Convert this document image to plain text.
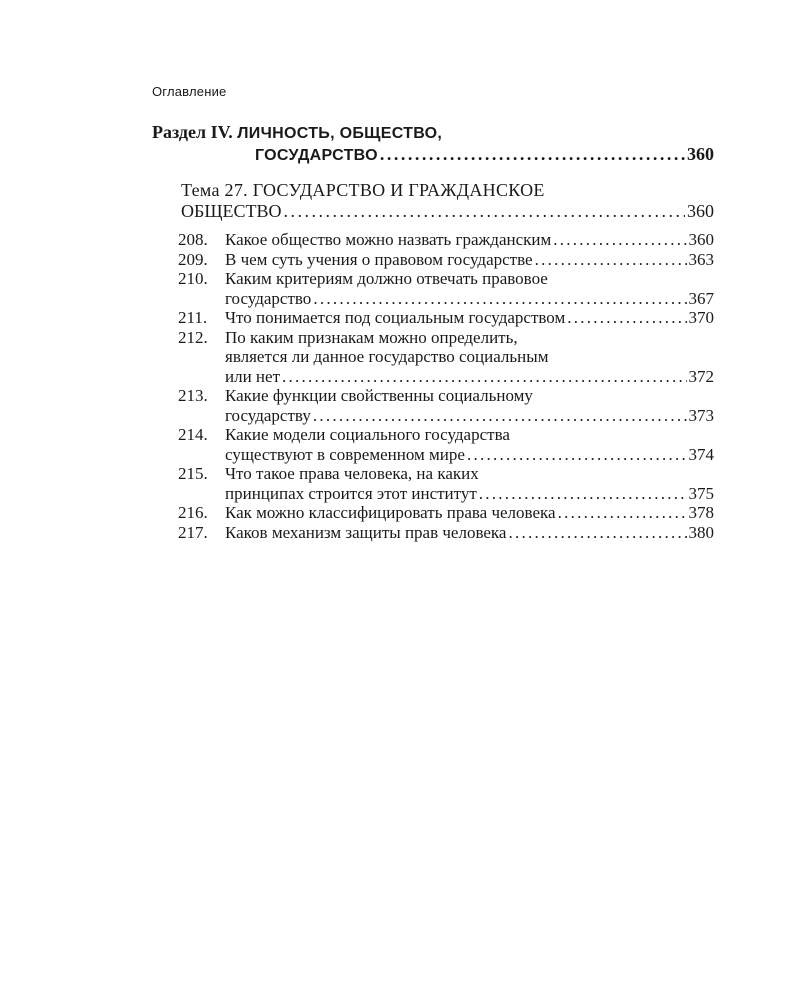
Оглавление
Раздел IV. ЛИЧНОСТЬ, ОБЩЕСТВО,
ГОСУДАРСТВО . . .	360
Тема 27. ГОСУДАРСТВО И ГРАЖДАНСКОЕ
ОБЩЕСТВО . . .	360
208.	Какое общество можно назвать гражданским . . .	360
209.	В чем суть учения о правовом государстве . . .	363
210.	Каким критериям должно отвечать правовое
государство . . .	367
211.	Что понимается под социальным государством . . .	370
212.	По каким признакам можно определить,
является ли данное государство социальным
или нет . . .	372
213.	Какие функции свойственны социальному
государству . . .	373
214.	Какие модели социального государства
существуют в современном мире . . .	374
215.	Что такое права человека, на каких
принципах строится этот институт . . .	375
216.	Как можно классифицировать права человека . . .	378
217.	Каков механизм защиты прав человека . . .	380
